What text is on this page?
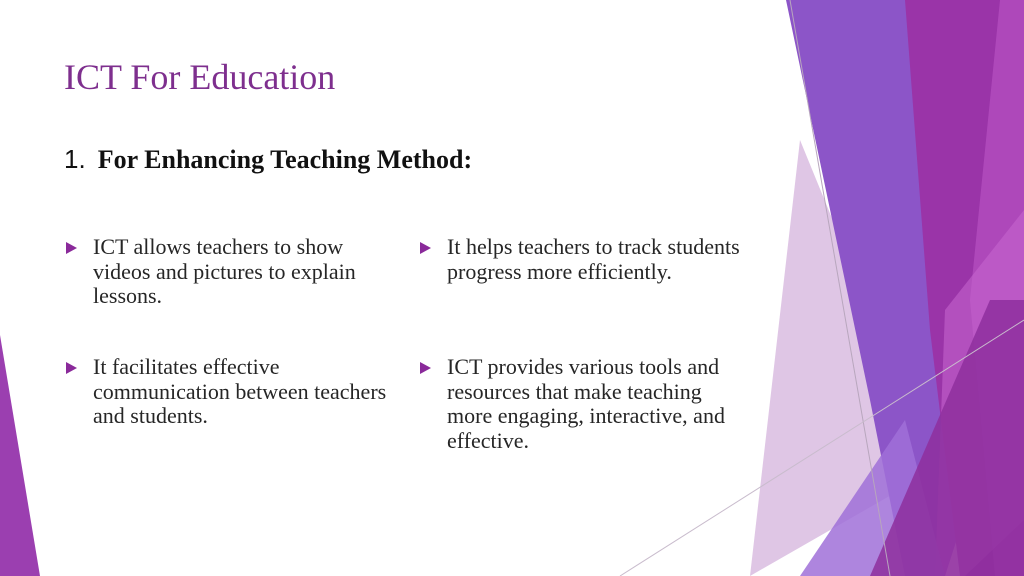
ICT For Education
1. For Enhancing Teaching Method:
ICT allows teachers to show videos and pictures to explain lessons.
It helps teachers to track students progress more efficiently.
It facilitates effective communication between teachers and students.
ICT provides various tools and resources that make teaching more engaging, interactive, and effective.
